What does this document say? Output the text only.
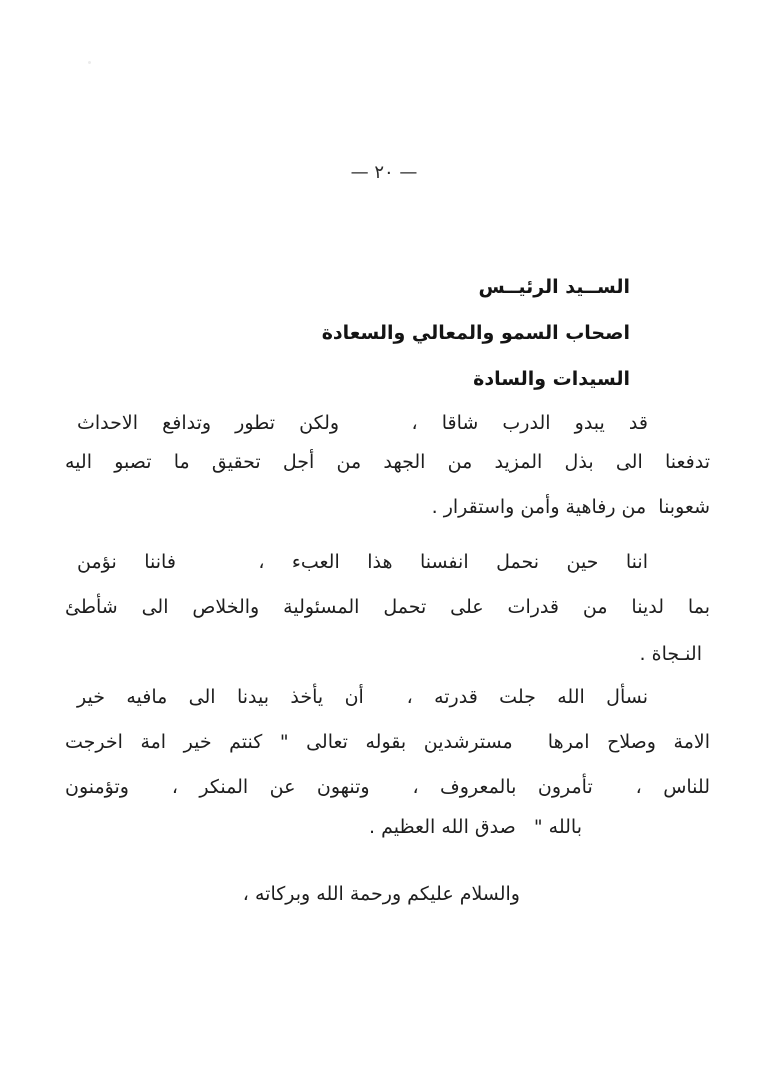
— ٢٠ —
الســيد الرئيــس
اصحاب السمو والمعالي والسعادة
السيدات والسادة
قد يبدو الدرب شاقا ،   ولكن تطور وتدافع الاحداث
تدفعنا الى بذل المزيد من الجهد من أجل تحقيق ما تصبو اليه
شعوبنا  من رفاهية وأمن واستقرار .
اننا حين نحمل انفسنا هذا العبء ،   فاننا نؤمن
بما لدينا من قدرات على تحمل المسئولية والخلاص الى شأطئ
النـجاة .
نسأل الله جلت قدرته ،  أن يأخذ بيدنا الى مافيه خير
الامة وصلاح امرها  مسترشدين بقوله تعالى " كنتم خير امة اخرجت
للناس ،  تأمرون بالمعروف ،  وتنهون عن المنكر ،  وتؤمنون
بالله "   صدق الله العظيم .
والسلام عليكم ورحمة الله وبركاته ،
